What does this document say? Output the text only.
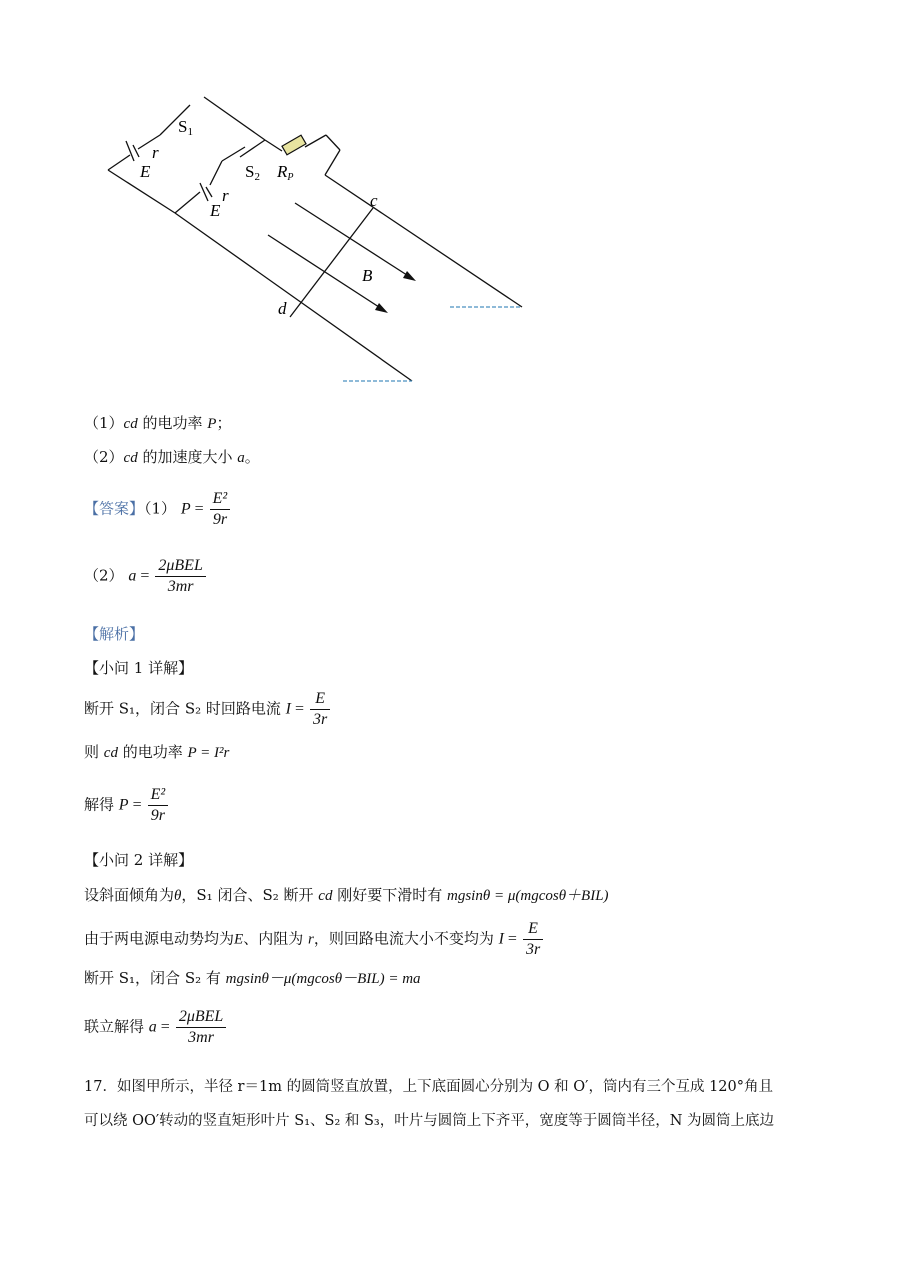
S1
r
E	S2 RP
r
E
c
B
d
（1）cd 的电功率 P；
（2）cd 的加速度大小 a。
【答案】（1） $P = \frac{\text{E²}}{9r}$
（2） $a = \frac{\text{2μBEL}}{3mr}$
【解析】
【小问 1 详解】
断开 S₁，闭合 S₂ 时回路电流 $I = \frac{E}{3r}$
则 cd 的电功率 P = I²r
解得 $P = \frac{\text{E²}}{9r}$
【小问 2 详解】
设斜面倾角为θ，S₁ 闭合、S₂ 断开 cd 刚好要下滑时有 mgsinθ = μ(mgcosθ＋BIL)
由于两电源电动势均为E、内阻为 r，则回路电流大小不变均为 $I = \frac{E}{3r}$
断开 S₁，闭合 S₂ 有 mgsinθ－μ(mgcosθ－BIL) = ma
联立解得 $a = \frac{\text{2μBEL}}{3mr}$
17．如图甲所示，半径 r＝1m 的圆筒竖直放置，上下底面圆心分别为 O 和 O′，筒内有三个互成 120°角且
可以绕 OO′转动的竖直矩形叶片 S₁、S₂ 和 S₃，叶片与圆筒上下齐平，宽度等于圆筒半径，N 为圆筒上底边
